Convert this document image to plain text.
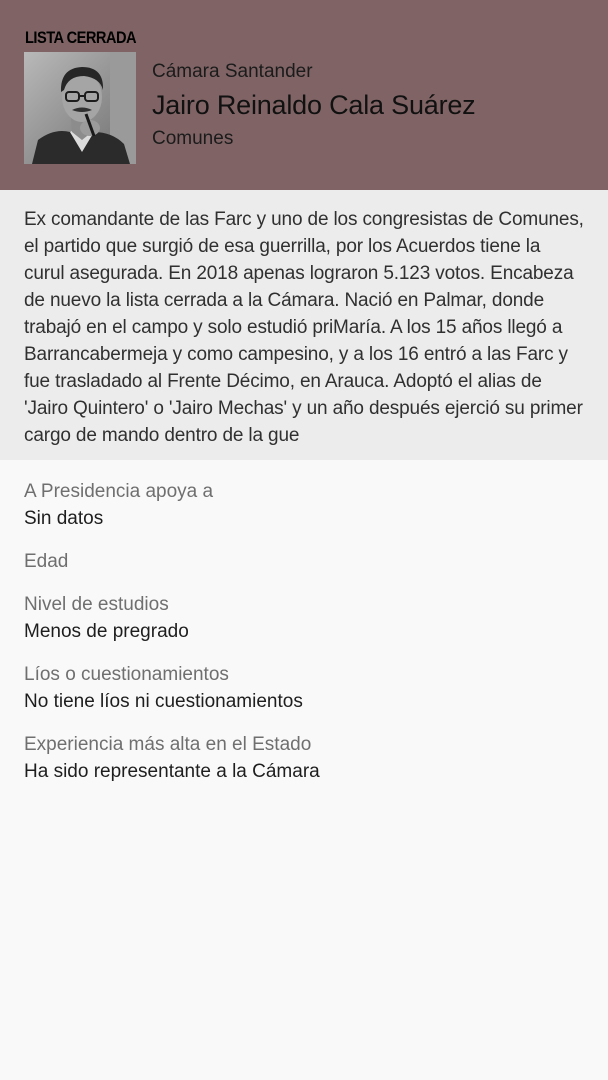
LISTA CERRADA
Cámara Santander
Jairo Reinaldo Cala Suárez
Comunes

Ex comandante de las Farc y uno de los congresistas de Comunes, el partido que surgió de esa guerrilla, por los Acuerdos tiene la curul asegurada. En 2018 apenas lograron 5.123 votos. Encabeza de nuevo la lista cerrada a la Cámara. Nació en Palmar, donde trabajó en el campo y solo estudió priMaría. A los 15 años llegó a Barrancabermeja y como campesino, y a los 16 entró a las Farc y fue trasladado al Frente Décimo, en Arauca. Adoptó el alias de 'Jairo Quintero' o 'Jairo Mechas' y un año después ejerció su primer cargo de mando dentro de la gue

A Presidencia apoya a
Sin datos
Edad
Nivel de estudios
Menos de pregrado
Líos o cuestionamientos
No tiene líos ni cuestionamientos
Experiencia más alta en el Estado
Ha sido representante a la Cámara
